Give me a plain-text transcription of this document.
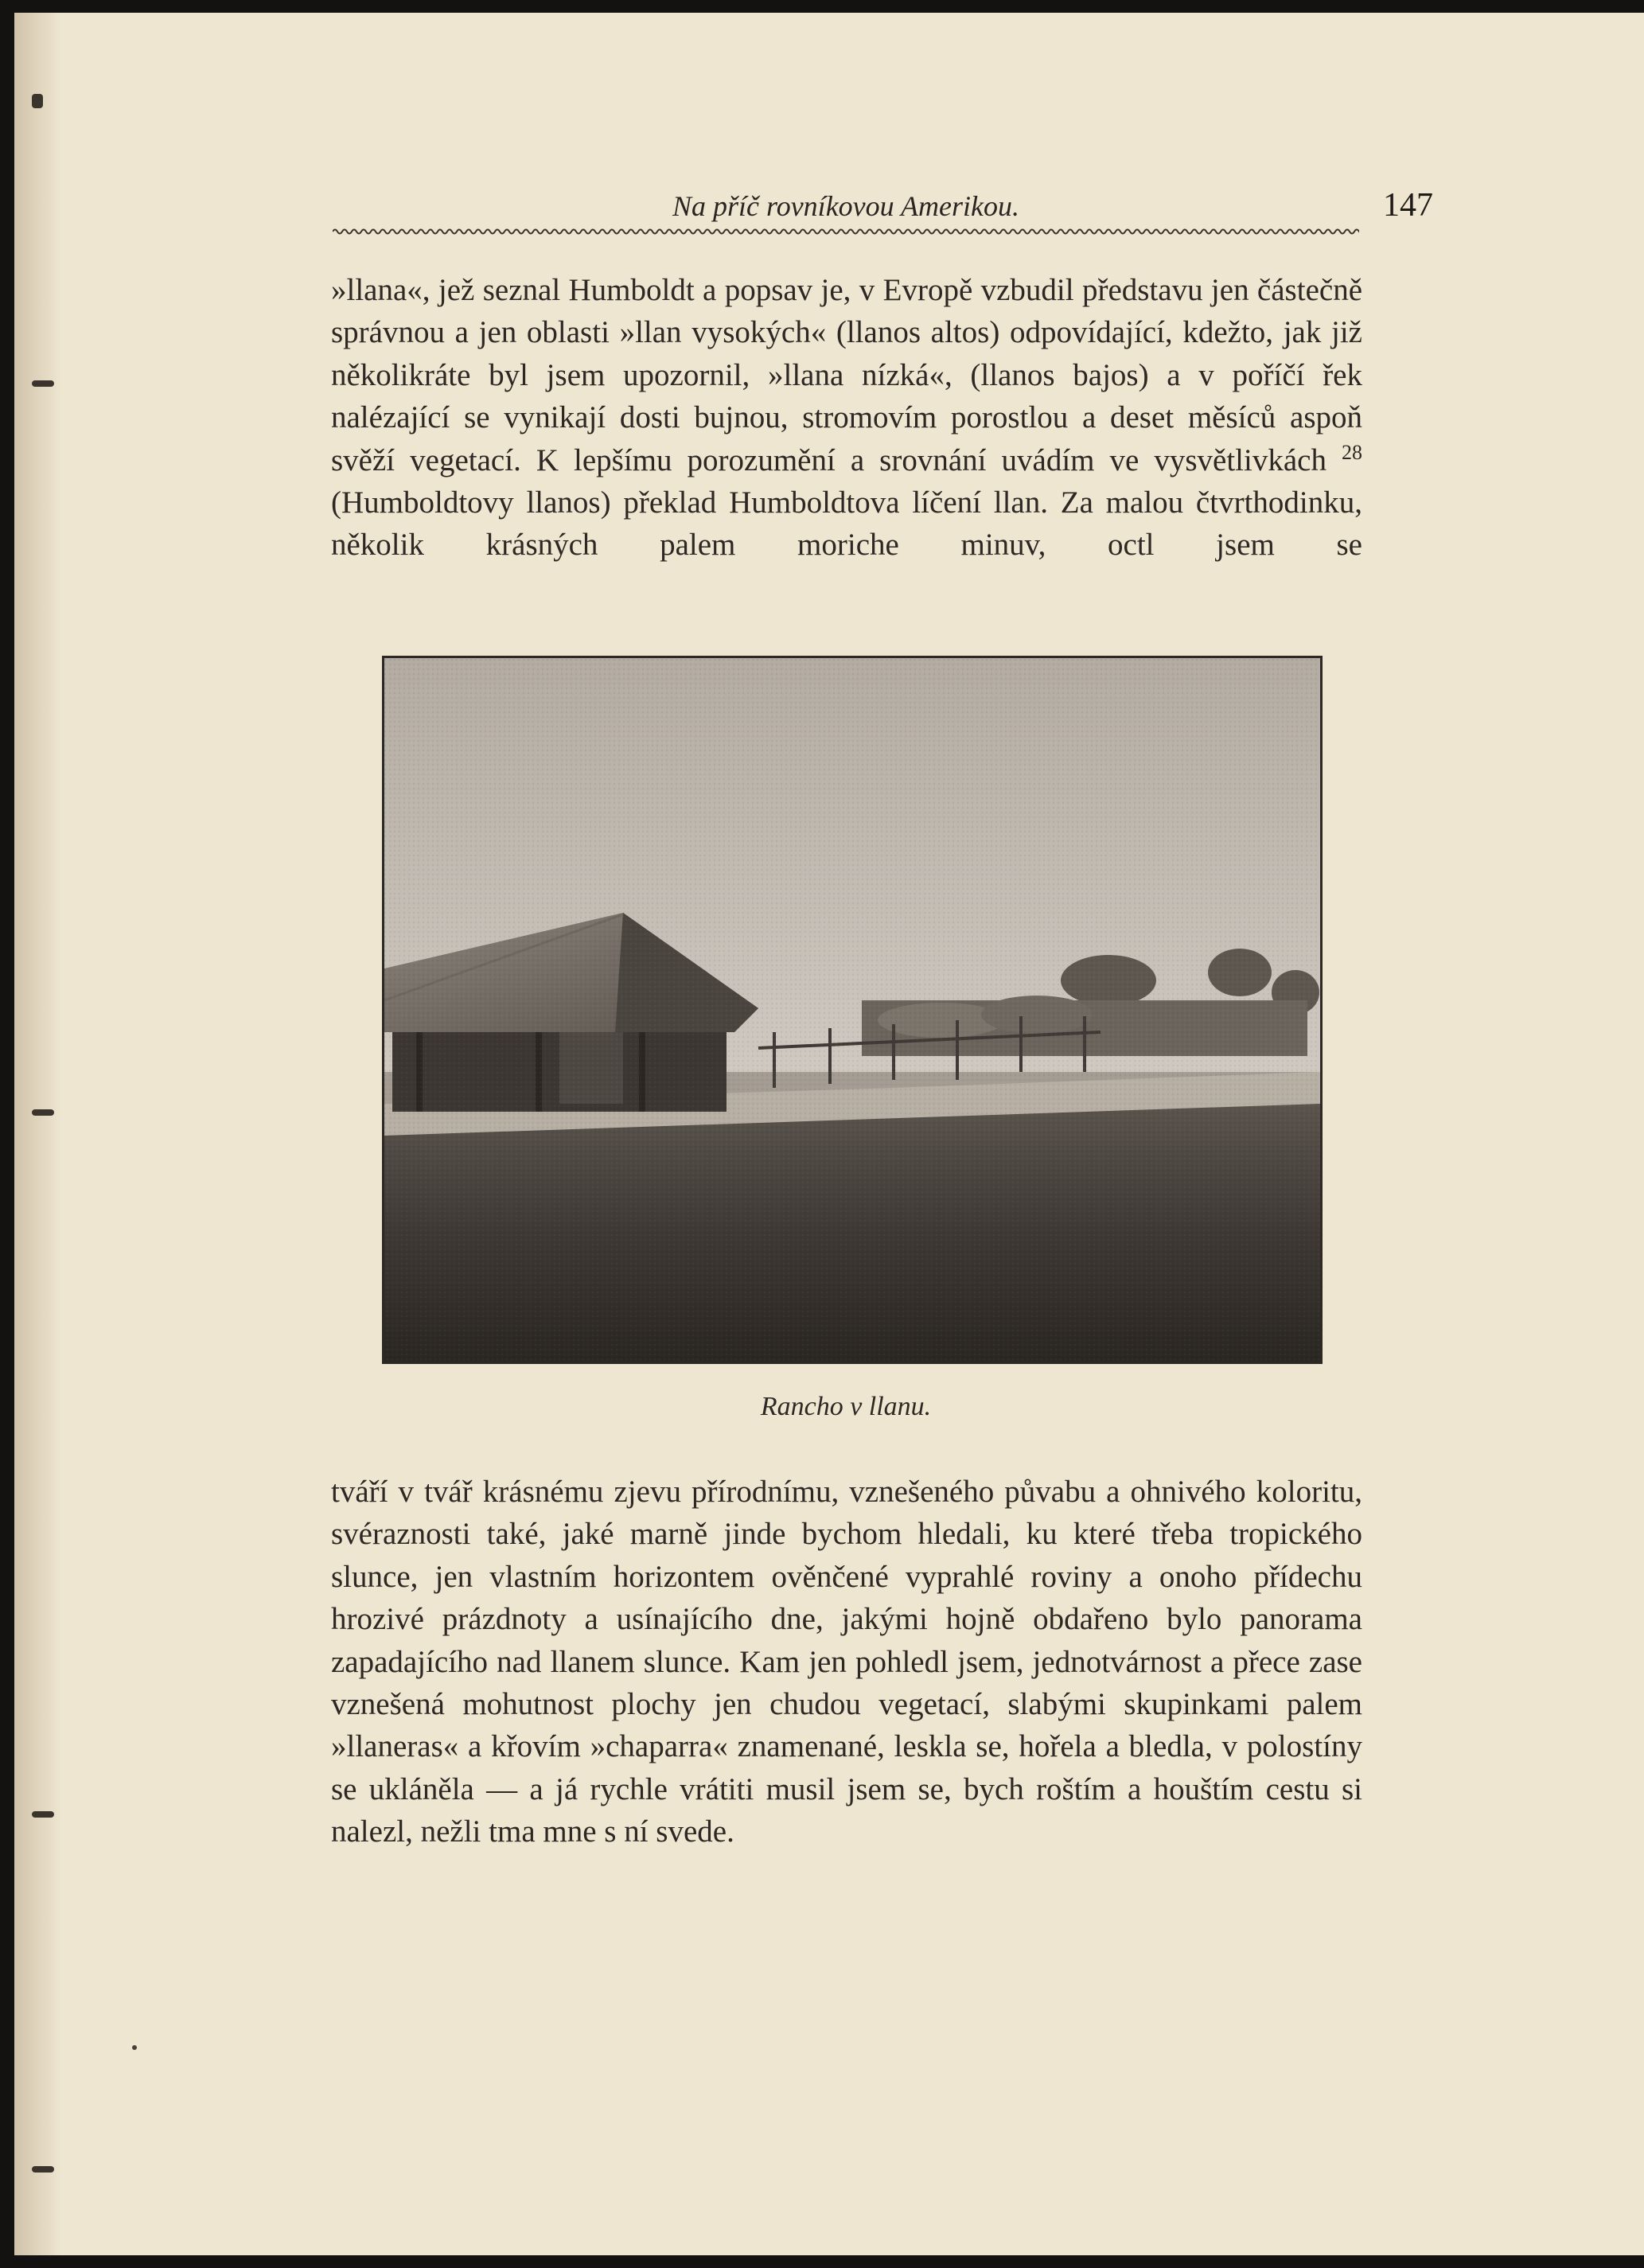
Na příč rovníkovou Amerikou.	147
»llana«, jež seznal Humboldt a popsav je, v Evropě vzbudil představu jen částečně správnou a jen oblasti »llan vysokých« (llanos altos) odpovídající, kdežto, jak již několikráte byl jsem upozornil, »llana nízká«, (llanos bajos) a v poříčí řek nalézající se vynikají dosti bujnou, stromovím porostlou a deset měsíců aspoň svěží vegetací. K lepšímu porozumění a srovnání uvádím ve vysvětlivkách $^{28}$ (Humboldtovy llanos) překlad Humboldtova líčení llan. Za malou čtvrthodinku, několik krásných palem moriche minuv, octl jsem se
Rancho v llanu.
tváří v tvář krásnému zjevu přírodnímu, vznešeného půvabu a ohnivého koloritu, svéraznosti také, jaké marně jinde bychom hledali, ku které třeba tropického slunce, jen vlastním horizontem ověnčené vyprahlé roviny a onoho přídechu hrozivé prázdnoty a usínajícího dne, jakými hojně obdařeno bylo panorama zapadajícího nad llanem slunce. Kam jen pohledl jsem, jednotvárnost a přece zase vznešená mohutnost plochy jen chudou vegetací, slabými skupinkami palem »llaneras« a křovím »chaparra« znamenané, leskla se, hořela a bledla, v polostíny se ukláněla — a já rychle vrátiti musil jsem se, bych roštím a houštím cestu si nalezl, nežli tma mne s ní svede.
